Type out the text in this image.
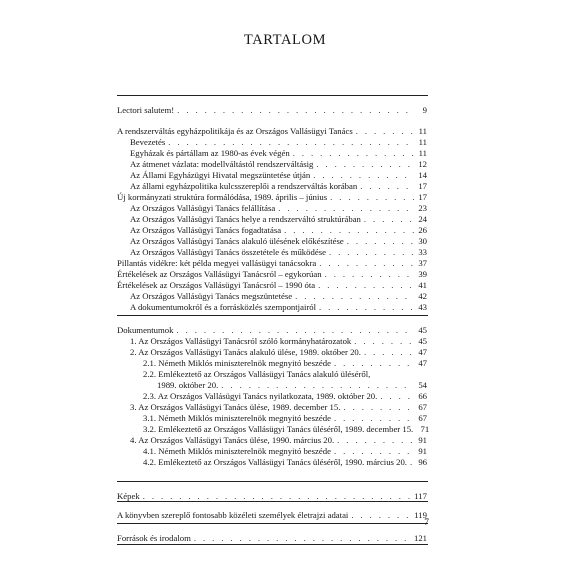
TARTALOM
Lectori salutem! . . .	9
A rendszerváltás egyházpolitikája és az Országos Vallásügyi Tanács . . .	11
Bevezetés . . .	11
Egyházak és pártállam az 1980-as évek végén . . .	11
Az átmenet vázlata: modellváltástól rendszerváltásig . . .	12
Az Állami Egyházügyi Hivatal megszüntetése útján . . .	14
Az állami egyházpolitika kulcsszereplői a rendszerváltás korában . . .	17
Új kormányzati struktúra formálódása, 1989. április – június . . .	17
Az Országos Vallásügyi Tanács felállítása . . .	23
Az Országos Vallásügyi Tanács helye a rendszerváltó struktúrában . . .	24
Az Országos Vallásügyi Tanács fogadtatása . . .	26
Az Országos Vallásügyi Tanács alakuló ülésének előkészítése . . .	30
Az Országos Vallásügyi Tanács összetétele és működése . . .	33
Pillantás vidékre: két példa megyei vallásügyi tanácsokra . . .	37
Értékelések az Országos Vallásügyi Tanácsról – egykorúan . . .	39
Értékelések az Országos Vallásügyi Tanácsról – 1990 óta . . .	41
Az Országos Vallásügyi Tanács megszüntetése . . .	42
A dokumentumokról és a forrásközlés szempontjairól . . .	43
Dokumentumok . . .	45
1. Az Országos Vallásügyi Tanácsról szóló kormányhatározatok . . .	45
2. Az Országos Vallásügyi Tanács alakuló ülése, 1989. október 20. . . .	47
2.1. Németh Miklós miniszterelnök megnyitó beszéde . . .	47
2.2. Emlékeztető az Országos Vallásügyi Tanács alakuló üléséről,
1989. október 20. . . .	54
2.3. Az Országos Vallásügyi Tanács nyilatkozata, 1989. október 20. . . .	66
3. Az Országos Vallásügyi Tanács ülése, 1989. december 15. . . .	67
3.1. Németh Miklós miniszterelnök megnyitó beszéde . . .	67
3.2. Emlékeztető az Országos Vallásügyi Tanács üléséről, 1989. december 15. 71
4. Az Országos Vallásügyi Tanács ülése, 1990. március 20. . . .	91
4.1. Németh Miklós miniszterelnök megnyitó beszéde . . .	91
4.2. Emlékeztető az Országos Vallásügyi Tanács üléséről, 1990. március 20. . . . 96
Képek . . .	117
A könyvben szereplő fontosabb közéleti személyek életrajzi adatai . . .	119
Források és irodalom . . .	121
7
